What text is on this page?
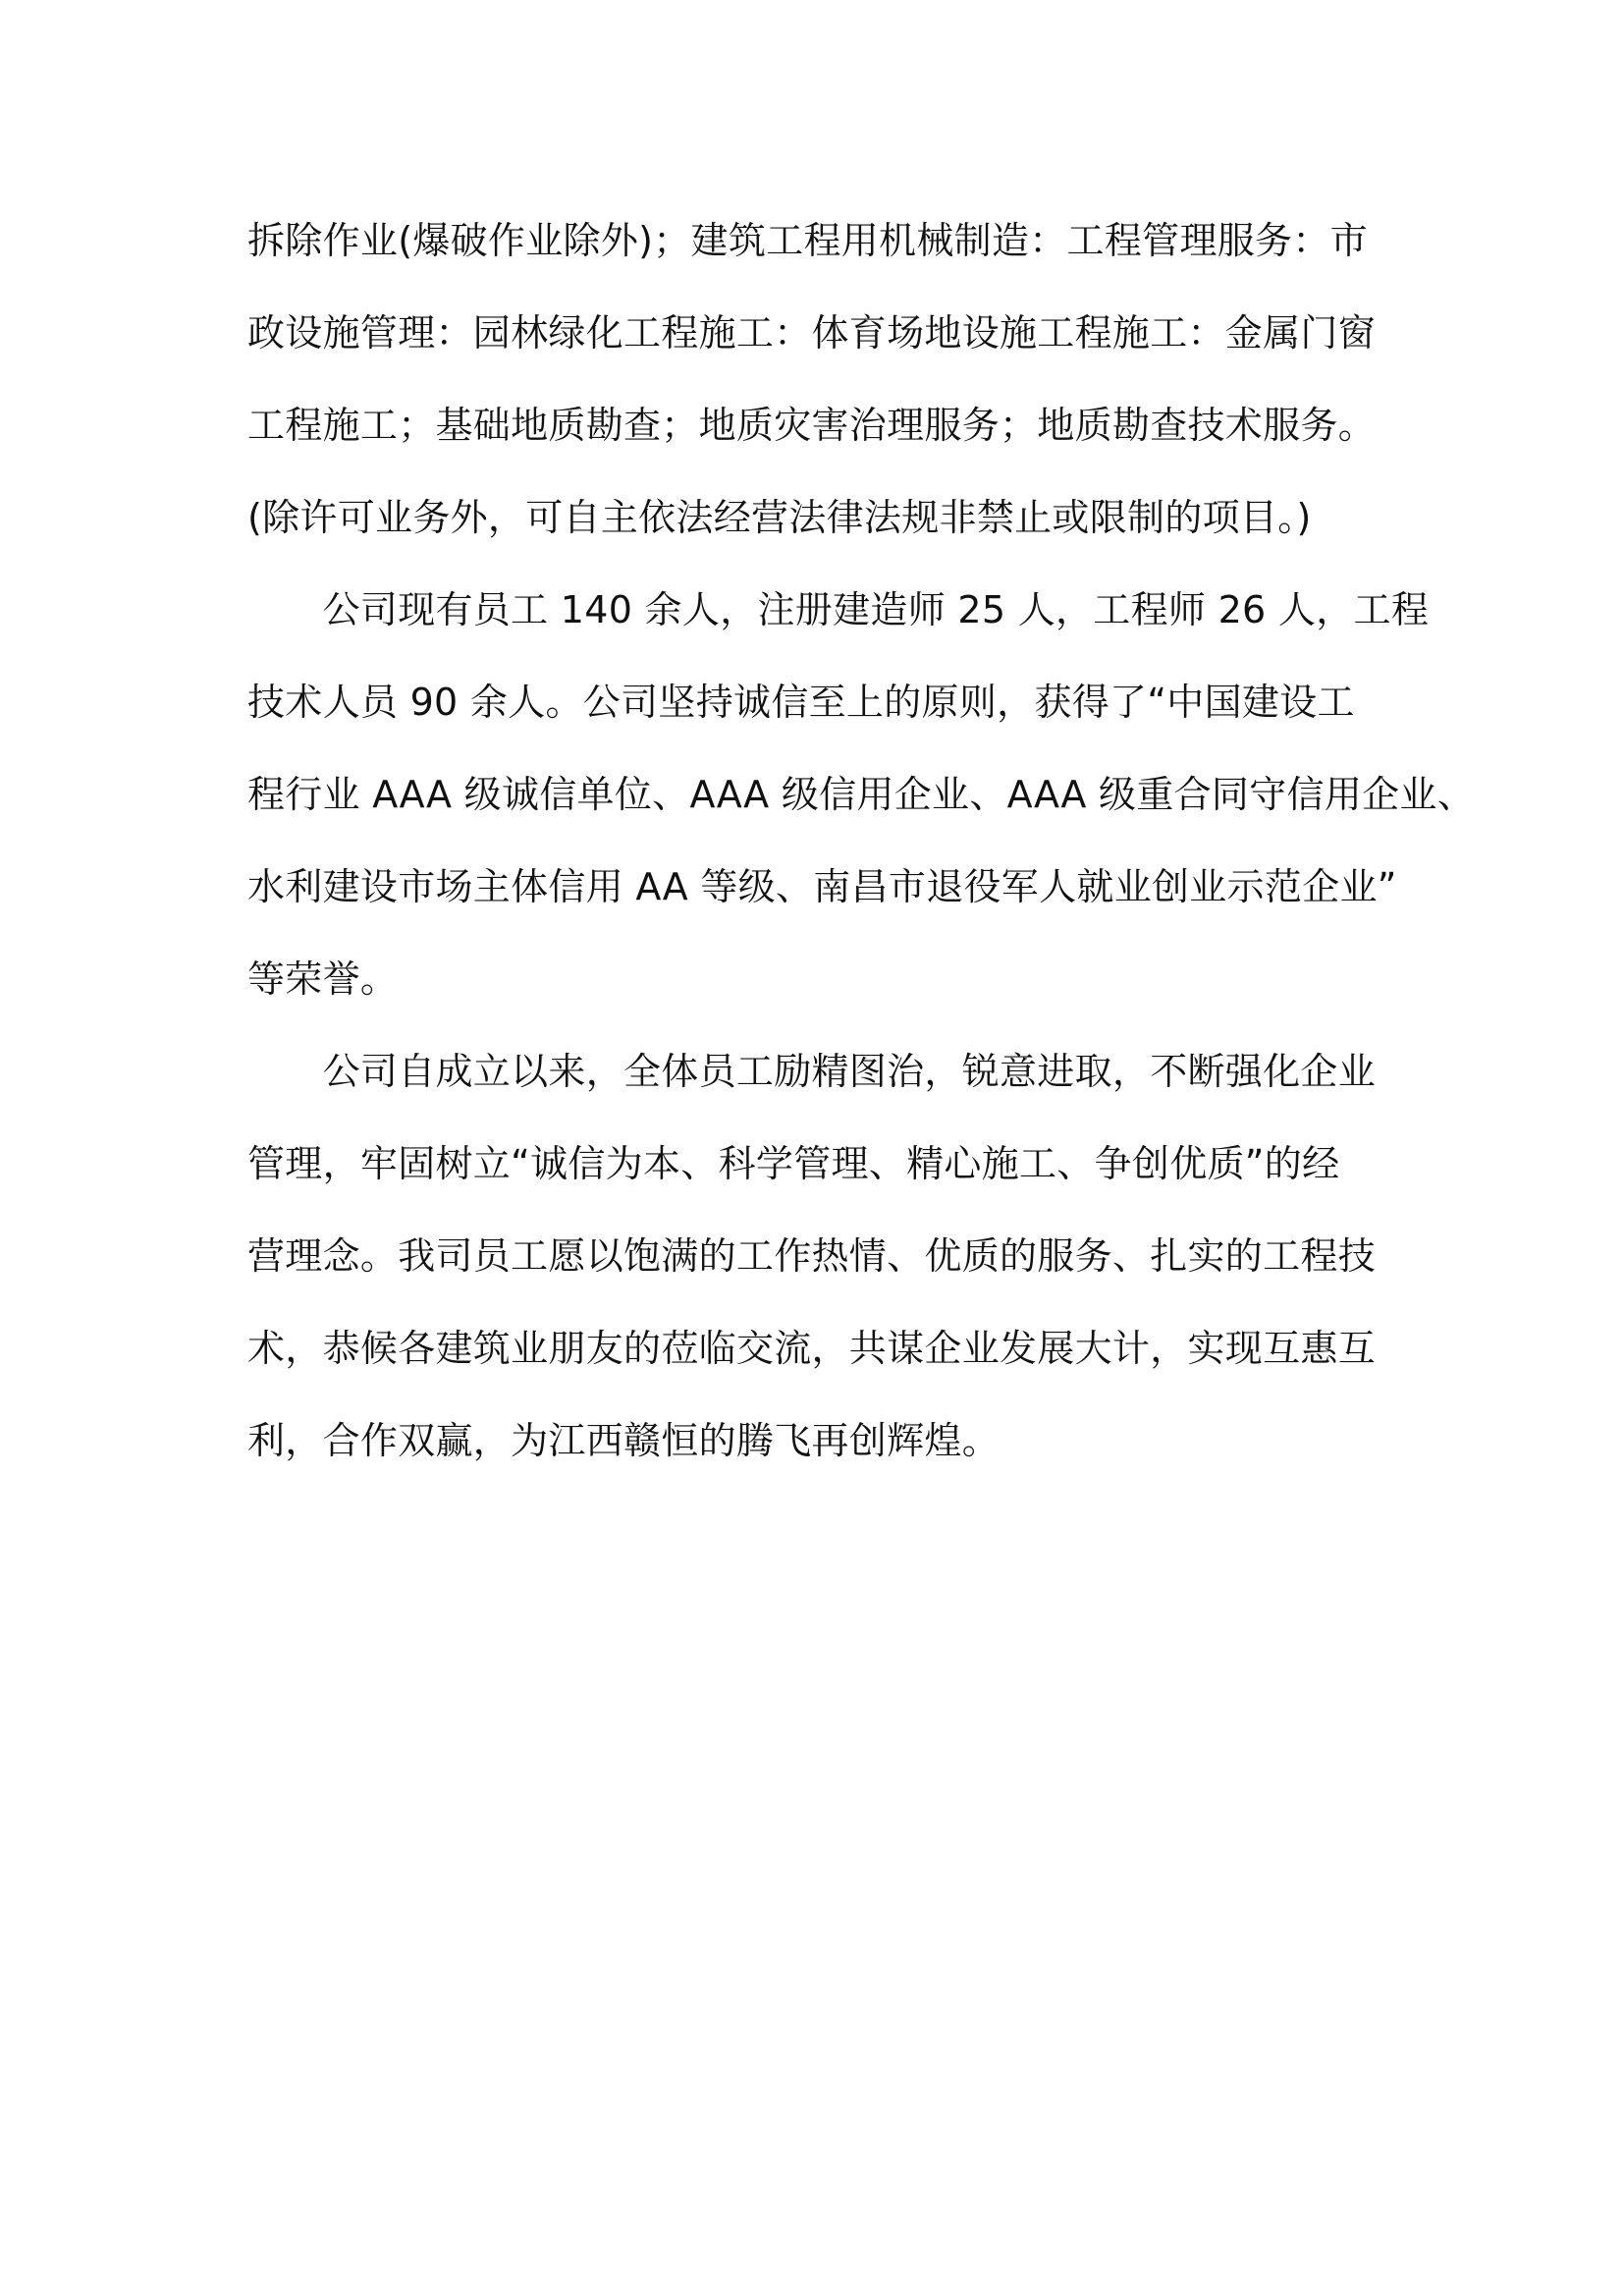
拆除作业(爆破作业除外)；建筑工程用机械制造：工程管理服务：市
政设施管理：园林绿化工程施工：体育场地设施工程施工：金属门窗
工程施工；基础地质勘查；地质灾害治理服务；地质勘查技术服务。
(除许可业务外，可自主依法经营法律法规非禁止或限制的项目。)
　　公司现有员工 140 余人，注册建造师 25 人，工程师 26 人，工程
技术人员 90 余人。公司坚持诚信至上的原则，获得了“中国建设工
程行业 AAA 级诚信单位、AAA 级信用企业、AAA 级重合同守信用企业、
水利建设市场主体信用 AA 等级、南昌市退役军人就业创业示范企业”
等荣誉。
　　公司自成立以来，全体员工励精图治，锐意进取，不断强化企业
管理，牢固树立“诚信为本、科学管理、精心施工、争创优质”的经
营理念。我司员工愿以饱满的工作热情、优质的服务、扎实的工程技
术，恭候各建筑业朋友的莅临交流，共谋企业发展大计，实现互惠互
利，合作双赢，为江西赣恒的腾飞再创辉煌。
